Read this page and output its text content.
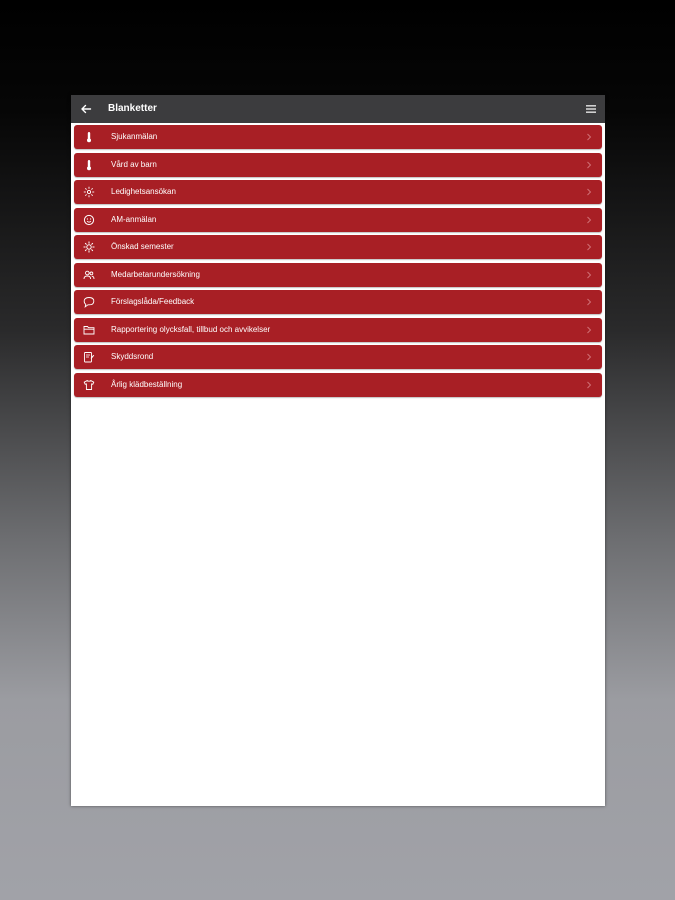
Blanketter
Sjukanmälan
Vård av barn
Ledighetsansökan
AM-anmälan
Önskad semester
Medarbetarundersökning
Förslagslåda/Feedback
Rapportering olycksfall, tillbud och avvikelser
Skyddsrond
Årlig klädbeställning
